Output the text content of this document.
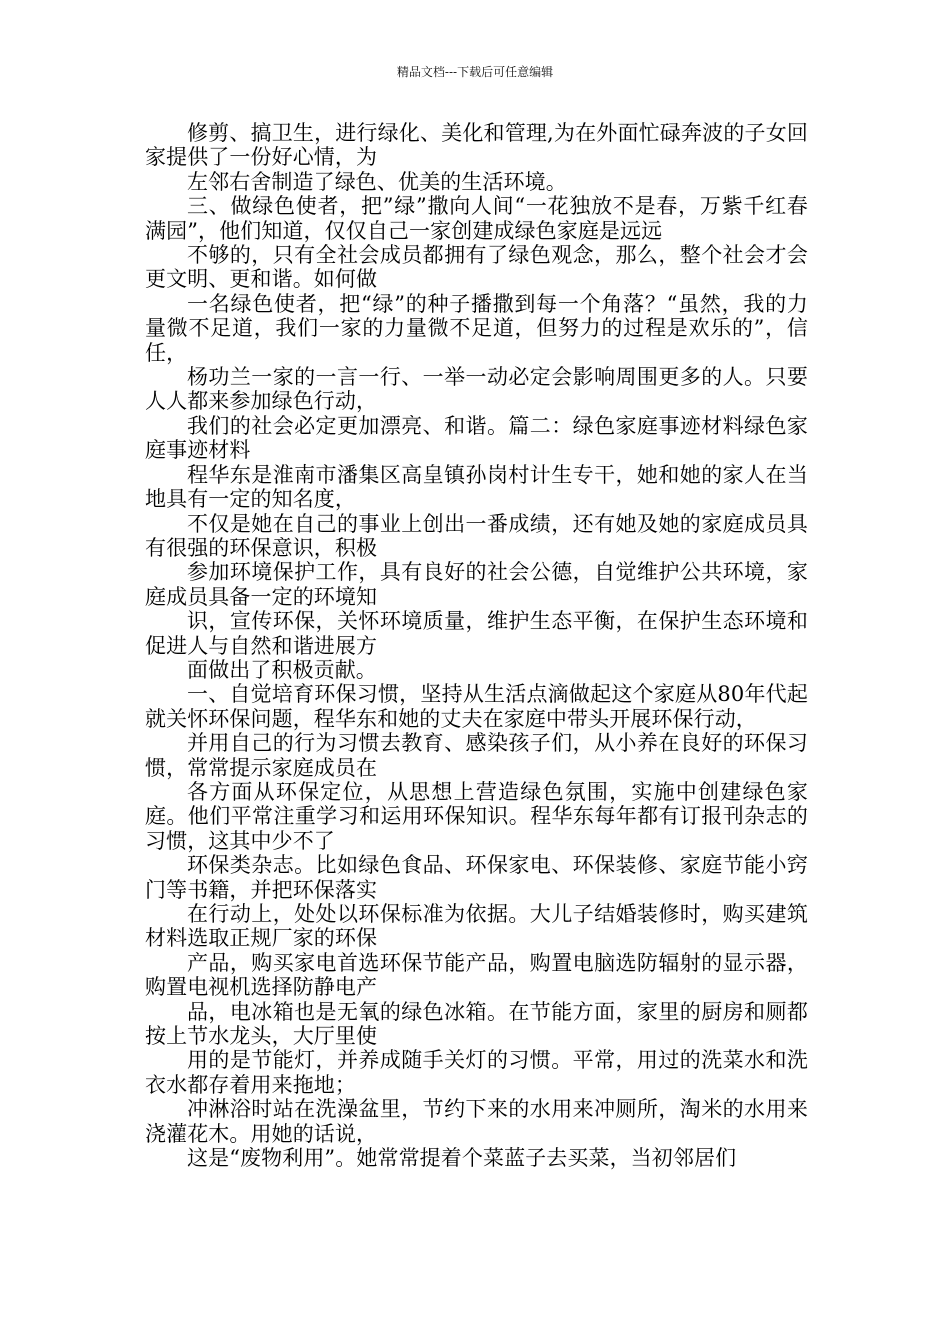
精品文档---下载后可任意编辑

修剪、搞卫生，进行绿化、美化和管理,为在外面忙碌奔波的子女回家提供了一份好心情，为

左邻右舍制造了绿色、优美的生活环境。

三、做绿色使者，把”绿”撒向人间“一花独放不是春，万紫千红春满园”，他们知道，仅仅自己一家创建成绿色家庭是远远

不够的，只有全社会成员都拥有了绿色观念，那么，整个社会才会更文明、更和谐。如何做

一名绿色使者，把“绿”的种子播撒到每一个角落？“虽然，我的力量微不足道，我们一家的力量微不足道，但努力的过程是欢乐的”，信任，

杨功兰一家的一言一行、一举一动必定会影响周围更多的人。只要人人都来参加绿色行动，

我们的社会必定更加漂亮、和谐。篇二：绿色家庭事迹材料绿色家庭事迹材料

程华东是淮南市潘集区高皇镇孙岗村计生专干，她和她的家人在当地具有一定的知名度，

不仅是她在自己的事业上创出一番成绩，还有她及她的家庭成员具有很强的环保意识，积极

参加环境保护工作，具有良好的社会公德，自觉维护公共环境，家庭成员具备一定的环境知

识，宣传环保，关怀环境质量，维护生态平衡，在保护生态环境和促进人与自然和谐进展方

面做出了积极贡献。

一、自觉培育环保习惯，坚持从生活点滴做起这个家庭从80年代起就关怀环保问题，程华东和她的丈夫在家庭中带头开展环保行动，

并用自己的行为习惯去教育、感染孩子们，从小养在良好的环保习惯，常常提示家庭成员在

各方面从环保定位，从思想上营造绿色氛围，实施中创建绿色家庭。他们平常注重学习和运用环保知识。程华东每年都有订报刊杂志的习惯，这其中少不了

环保类杂志。比如绿色食品、环保家电、环保装修、家庭节能小窍门等书籍，并把环保落实

在行动上，处处以环保标准为依据。大儿子结婚装修时，购买建筑材料选取正规厂家的环保

产品，购买家电首选环保节能产品，购置电脑选防辐射的显示器，购置电视机选择防静电产

品，电冰箱也是无氧的绿色冰箱。在节能方面，家里的厨房和厕都按上节水龙头，大厅里使

用的是节能灯，并养成随手关灯的习惯。平常，用过的洗菜水和洗衣水都存着用来拖地；

冲淋浴时站在洗澡盆里，节约下来的水用来冲厕所，淘米的水用来浇灌花木。用她的话说，

这是“废物利用”。她常常提着个菜蓝子去买菜，当初邻居们
